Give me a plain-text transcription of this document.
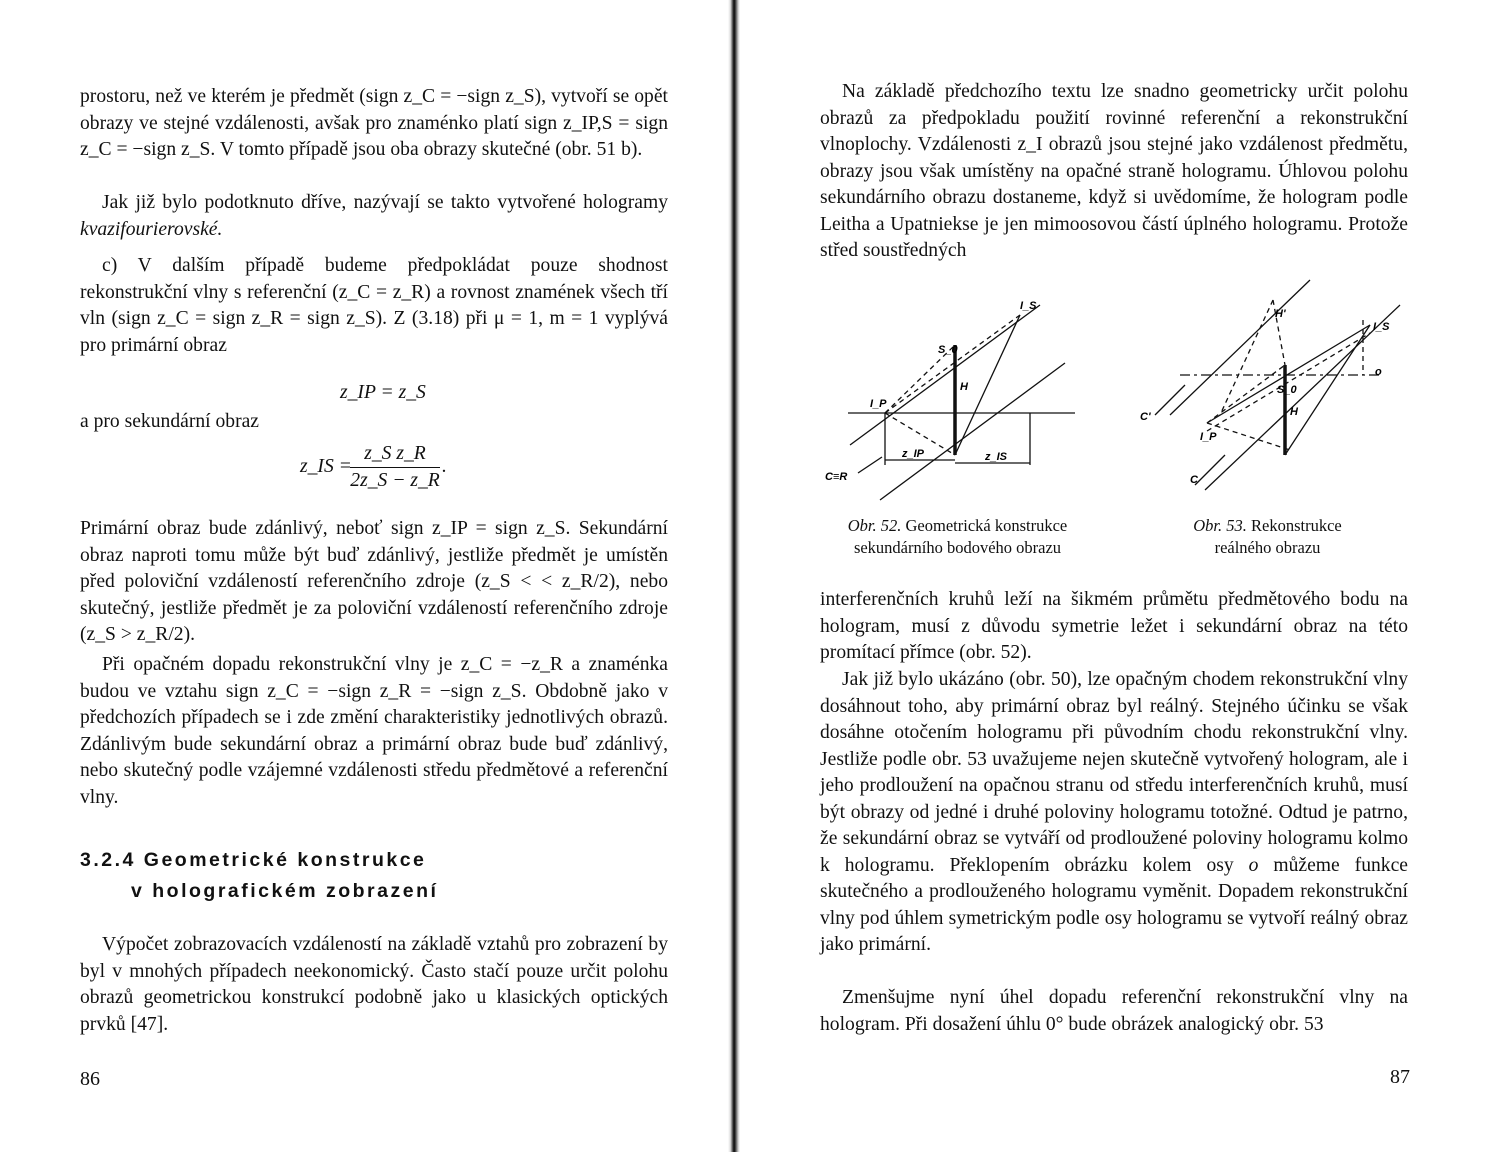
prostoru, než ve kterém je předmět (sign z_C = −sign z_S), vytvoří se opět obrazy ve stejné vzdálenosti, avšak pro znaménko platí sign z_IP,S = sign z_C = −sign z_S. V tomto případě jsou oba obrazy skutečné (obr. 51 b).

Jak již bylo podotknuto dříve, nazývají se takto vytvořené hologramy kvazifourierovské.

c) V dalším případě budeme předpokládat pouze shodnost rekonstrukční vlny s referenční (z_C = z_R) a rovnost znamének všech tří vln (sign z_C = sign z_R = sign z_S). Z (3.18) při μ = 1, m = 1 vyplývá pro primární obraz

z_IP = z_S

a pro sekundární obraz

z_IS =
$\frac{\text{z\_S z\_R}}{2z\_S - z\_R}$ .

Primární obraz bude zdánlivý, neboť sign z_IP = sign z_S. Sekundární obraz naproti tomu může být buď zdánlivý, jestliže předmět je umístěn před poloviční vzdáleností referenčního zdroje (z_S < < z_R/2), nebo skutečný, jestliže předmět je za poloviční vzdáleností referenčního zdroje (z_S > z_R/2).

Při opačném dopadu rekonstrukční vlny je z_C = −z_R a znaménka budou ve vztahu sign z_C = −sign z_R = −sign z_S. Obdobně jako v předchozích případech se i zde změní charakteristiky jednotlivých obrazů. Zdánlivým bude sekundární obraz a primární obraz bude buď zdánlivý, nebo skutečný podle vzájemné vzdálenosti středu předmětové a referenční vlny.

3.2.4 Geometrické konstrukce
v holografickém zobrazení

Výpočet zobrazovacích vzdáleností na základě vztahů pro zobrazení by byl v mnohých případech neekonomický. Často stačí pouze určit polohu obrazů geometrickou konstrukcí podobně jako u klasických optických prvků [47].

86

Na základě předchozího textu lze snadno geometricky určit polohu obrazů za předpokladu použití rovinné referenční a rekonstrukční vlnoplochy. Vzdálenosti z_I obrazů jsou stejné jako vzdálenost předmětu, obrazy jsou však umístěny na opačné straně hologramu. Úhlovou polohu sekundárního obrazu dostaneme, když si uvědomíme, že hologram podle Leitha a Upatniekse je jen mimoosovou částí úplného hologramu. Protože střed soustředných

I_S
S_0
I_P
H
z_IP	z_IS
C≡R
I_S
H'
S_0
o
C'
I_P
H
C
Obr. 52. Geometrická konstrukce
sekundárního bodového obrazu
Obr. 53. Rekonstrukce
reálného obrazu

interferenčních kruhů leží na šikmém průmětu předmětového bodu na hologram, musí z důvodu symetrie ležet i sekundární obraz na této promítací přímce (obr. 52).

Jak již bylo ukázáno (obr. 50), lze opačným chodem rekonstrukční vlny dosáhnout toho, aby primární obraz byl reálný. Stejného účinku se však dosáhne otočením hologramu při původním chodu rekonstrukční vlny. Jestliže podle obr. 53 uvažujeme nejen skutečně vytvořený hologram, ale i jeho prodloužení na opačnou stranu od středu interferenčních kruhů, musí být obrazy od jedné i druhé poloviny hologramu totožné. Odtud je patrno, že sekundární obraz se vytváří od prodloužené poloviny hologramu kolmo k hologramu. Překlopením obrázku kolem osy o můžeme funkce skutečného a prodlouženého hologramu vyměnit. Dopadem rekonstrukční vlny pod úhlem symetrickým podle osy hologramu se vytvoří reálný obraz jako primární.

Zmenšujme nyní úhel dopadu referenční rekonstrukční vlny na hologram. Při dosažení úhlu 0° bude obrázek analogický obr. 53

87
